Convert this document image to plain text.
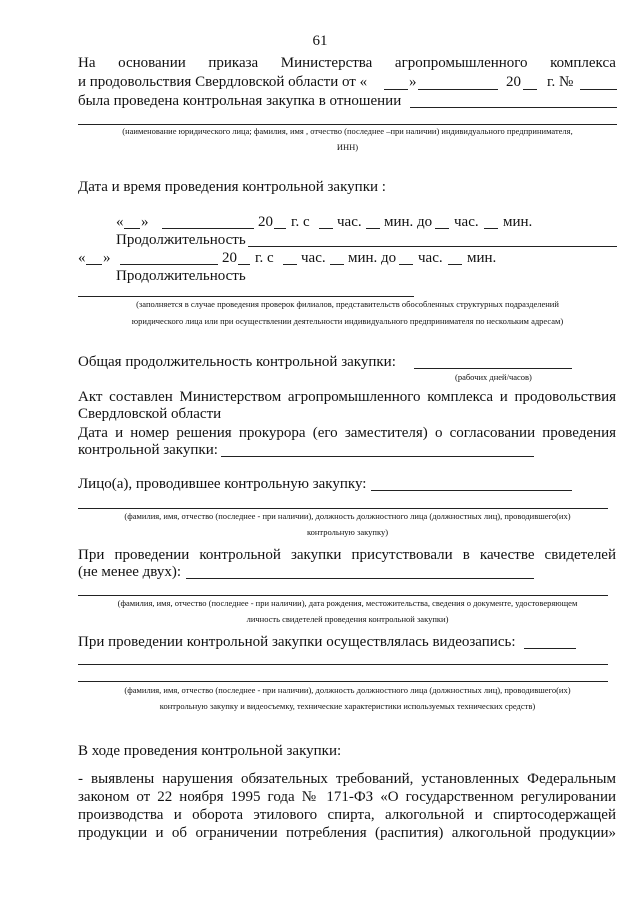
61
На основании приказа Министерства агропромышленного комплекса
и продовольствия Свердловской области от «	»	20 г. №
была проведена контрольная закупка в отношении
(наименование юридического лица; фамилия, имя , отчество (последнее –при наличии) индивидуального предпринимателя,
ИНН)
Дата и время проведения контрольной закупки :
« »	20 г. с час. мин. до час. мин.
Продолжительность
« »	20 г. с час. мин. до час. мин.
Продолжительность
(заполняется в случае проведения проверок филиалов, представительств обособленных структурных подразделений
юридического лица или при осуществлении деятельности индивидуального предпринимателя по нескольким адресам)
Общая продолжительность контрольной закупки:
(рабочих дней/часов)
Акт составлен Министерством агропромышленного комплекса и продовольствия
Свердловской области
Дата и номер решения прокурора (его заместителя) о согласовании проведения
контрольной закупки:
Лицо(а), проводившее контрольную закупку:
(фамилия, имя, отчество (последнее - при наличии), должность должностного лица (должностных лиц), проводившего(их)
контрольную закупку)
При проведении контрольной закупки присутствовали в качестве свидетелей
(не менее двух):
(фамилия, имя, отчество (последнее - при наличии), дата рождения, местожительства, сведения о документе, удостоверяющем
личность свидетелей проведения контрольной закупки)
При проведении контрольной закупки осуществлялась видеозапись:
(фамилия, имя, отчество (последнее - при наличии), должность должностного лица (должностных лиц), проводившего(их)
контрольную закупку и видеосъемку, технические характеристики используемых технических средств)
В ходе проведения контрольной закупки:
- выявлены нарушения обязательных требований, установленных Федеральным
законом от 22 ноября 1995 года № 171-ФЗ «О государственном регулировании
производства и оборота этилового спирта, алкогольной и спиртосодержащей
продукции и об ограничении потребления (распития) алкогольной продукции»
